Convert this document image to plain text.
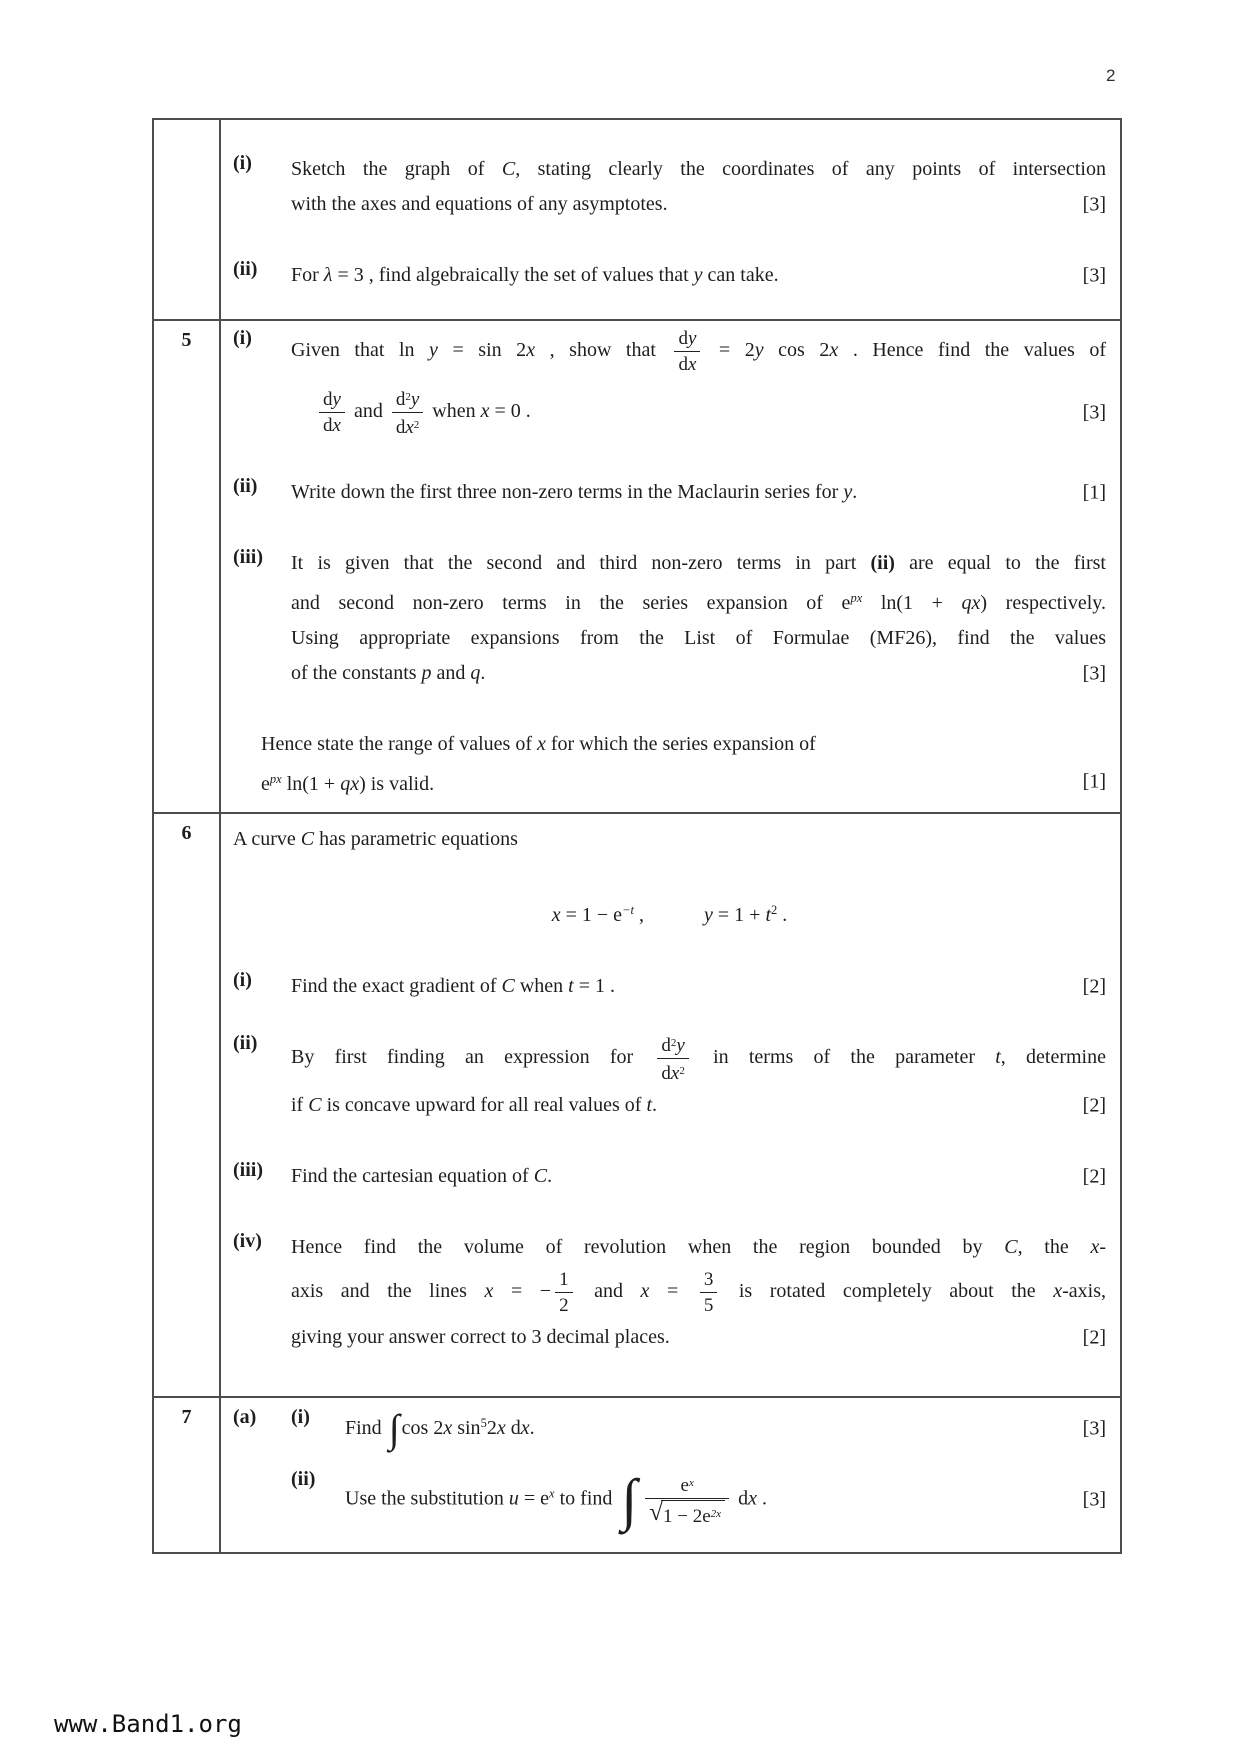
2
(i)	Sketch the graph of C, stating clearly the coordinates of any points of intersection
with the axes and equations of any asymptotes.	[3]
(ii)	For λ = 3 , find algebraically the set of values that y can take.	[3]
5	(i)
Given that ln y = sin 2x , show that $\frac{dy}{dx} = 2y$ cos 2x . Hence find the values of
$\frac{dy}{dx}$ and $\frac{d^2y}{dx^2}$ when x = 0 .	[3]
(ii)	Write down the first three non-zero terms in the Maclaurin series for y.	[1]
(iii)	It is given that the second and third non-zero terms in part (ii) are equal to the first
and second non-zero terms in the series expansion of $e^{px}$ ln(1 + qx) respectively.
Using appropriate expansions from the List of Formulae (MF26), find the values
of the constants p and q.	[3]
Hence state the range of values of x for which the series expansion of
$e^{px}$ ln(1 + qx) is valid.	[1]
6	A curve C has parametric equations
$x = 1 - e^{-t}$ ,   	$y = 1 + t^2$ .
(i)	Find the exact gradient of C when t = 1 .	[2]
(ii)
By first finding an expression for $\frac{d^2y}{dx^2}$ in terms of the parameter t, determine
if C is concave upward for all real values of t.	[2]
(iii)	Find the cartesian equation of C.	[2]
(iv)	Hence find the volume of revolution when the region bounded by C, the x-
axis and the lines x = − $\frac{1}{2}$ and $x = \frac{3}{5}$ is rotated completely about the x-axis,
giving your answer correct to 3 decimal places.	[2]
7	(a)	(i)	Find ∫ cos 2x $\sin^52x$ dx.	[3]
(ii)
Use the substitution $u = e^x$ to find ∫ $\frac{e^x}{√ 1 - 2e^{2x}}$ dx .	[3]
www.Band1.org
